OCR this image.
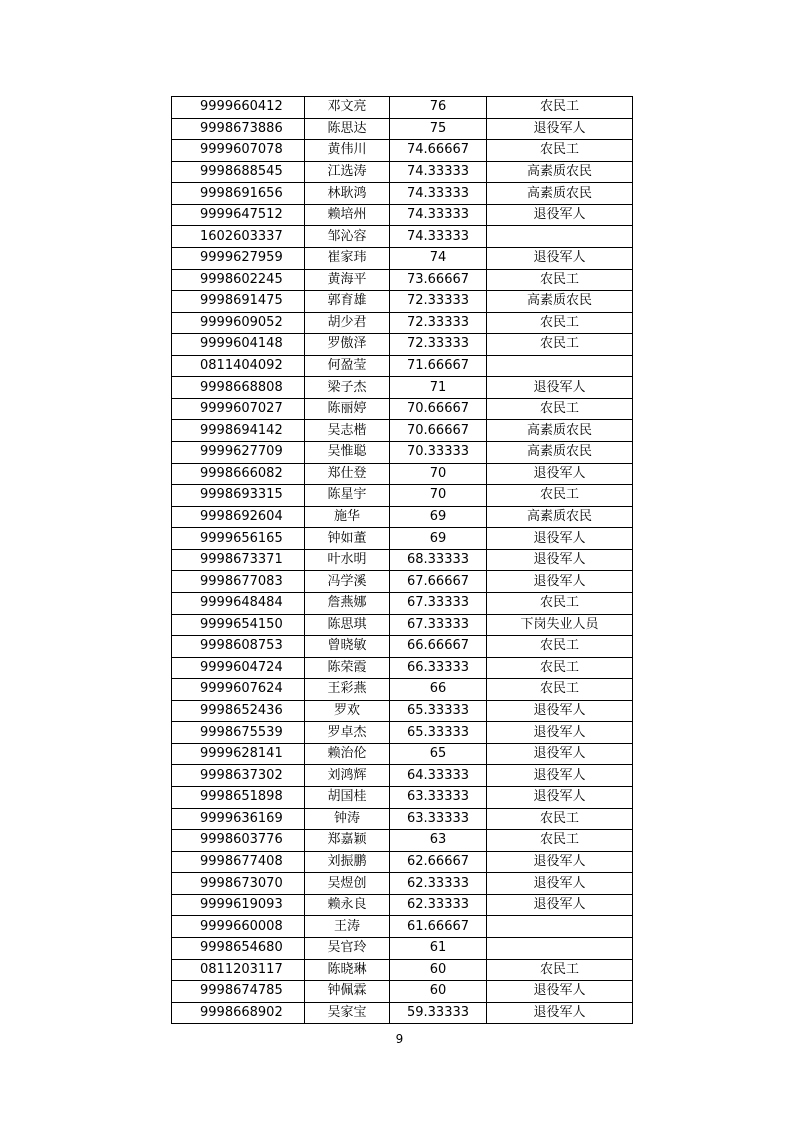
9999660412	邓文亮	76	农民工
9998673886	陈思达	75	退役军人
9999607078	黄伟川	74.66667	农民工
9998688545	江选涛	74.33333	高素质农民
9998691656	林耿鸿	74.33333	高素质农民
9999647512	赖培州	74.33333	退役军人
1602603337	邹沁容	74.33333	
9999627959	崔家玮	74	退役军人
9998602245	黄海平	73.66667	农民工
9998691475	郭育雄	72.33333	高素质农民
9999609052	胡少君	72.33333	农民工
9999604148	罗傲泽	72.33333	农民工
0811404092	何盈莹	71.66667	
9998668808	梁子杰	71	退役军人
9999607027	陈丽婷	70.66667	农民工
9998694142	吴志楷	70.66667	高素质农民
9999627709	吴惟聪	70.33333	高素质农民
9998666082	郑仕登	70	退役军人
9998693315	陈星宇	70	农民工
9998692604	施华	69	高素质农民
9999656165	钟如董	69	退役军人
9998673371	叶水明	68.33333	退役军人
9998677083	冯学溪	67.66667	退役军人
9999648484	詹燕娜	67.33333	农民工
9999654150	陈思琪	67.33333	下岗失业人员
9998608753	曾晓敏	66.66667	农民工
9999604724	陈荣霞	66.33333	农民工
9999607624	王彩燕	66	农民工
9998652436	罗欢	65.33333	退役军人
9998675539	罗卓杰	65.33333	退役军人
9999628141	赖治伦	65	退役军人
9998637302	刘鸿辉	64.33333	退役军人
9998651898	胡国桂	63.33333	退役军人
9999636169	钟涛	63.33333	农民工
9998603776	郑嘉颖	63	农民工
9998677408	刘振鹏	62.66667	退役军人
9998673070	吴煜创	62.33333	退役军人
9999619093	赖永良	62.33333	退役军人
9999660008	王涛	61.66667	
9998654680	吴官玲	61	
0811203117	陈晓琳	60	农民工
9998674785	钟佩霖	60	退役军人
9998668902	吴家宝	59.33333	退役军人
9
